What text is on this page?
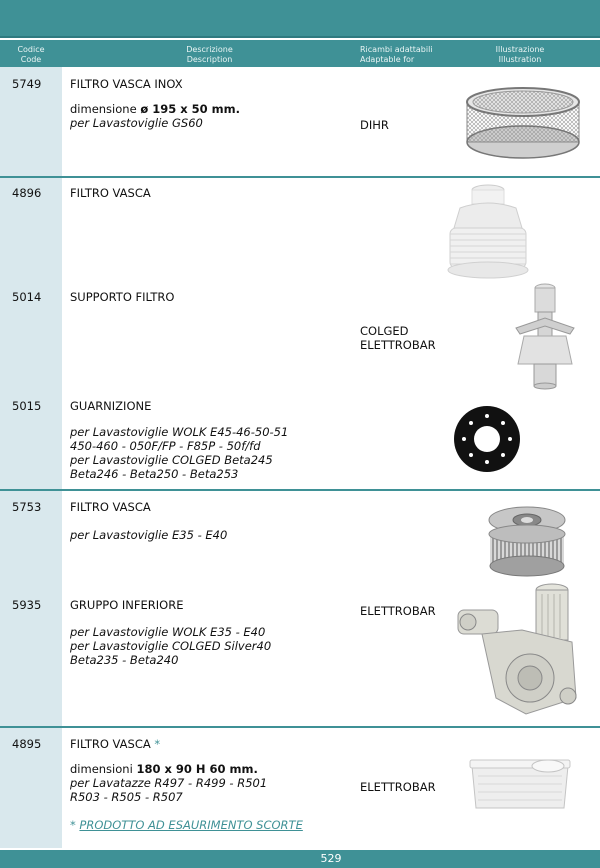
Codice
Code
Descrizione
Description
Ricambi adattabili
Adaptable for
Illustrazione
Illustration
5749 FILTRO VASCA INOX
dimensione ø 195 x 50 mm.
per Lavastoviglie GS60	DIHR
4896 FILTRO VASCA
5014 SUPPORTO FILTRO
COLGED
ELETTROBAR
5015 GUARNIZIONE
per Lavastoviglie WOLK E45-46-50-51
450-460 - 050F/FP - F85P - 50f/fd
per Lavastoviglie COLGED Beta245
Beta246 - Beta250 - Beta253
5753 FILTRO VASCA
per Lavastoviglie E35 - E40
5935 GRUPPO INFERIORE	ELETTROBAR
per Lavastoviglie WOLK E35 - E40
per Lavastoviglie COLGED Silver40
Beta235 - Beta240
4895 FILTRO VASCA *
dimensioni 180 x 90 H 60 mm.
per Lavatazze R497 - R499 - R501
R503 - R505 - R507
ELETTROBAR
* PRODOTTO AD ESAURIMENTO SCORTE
529
